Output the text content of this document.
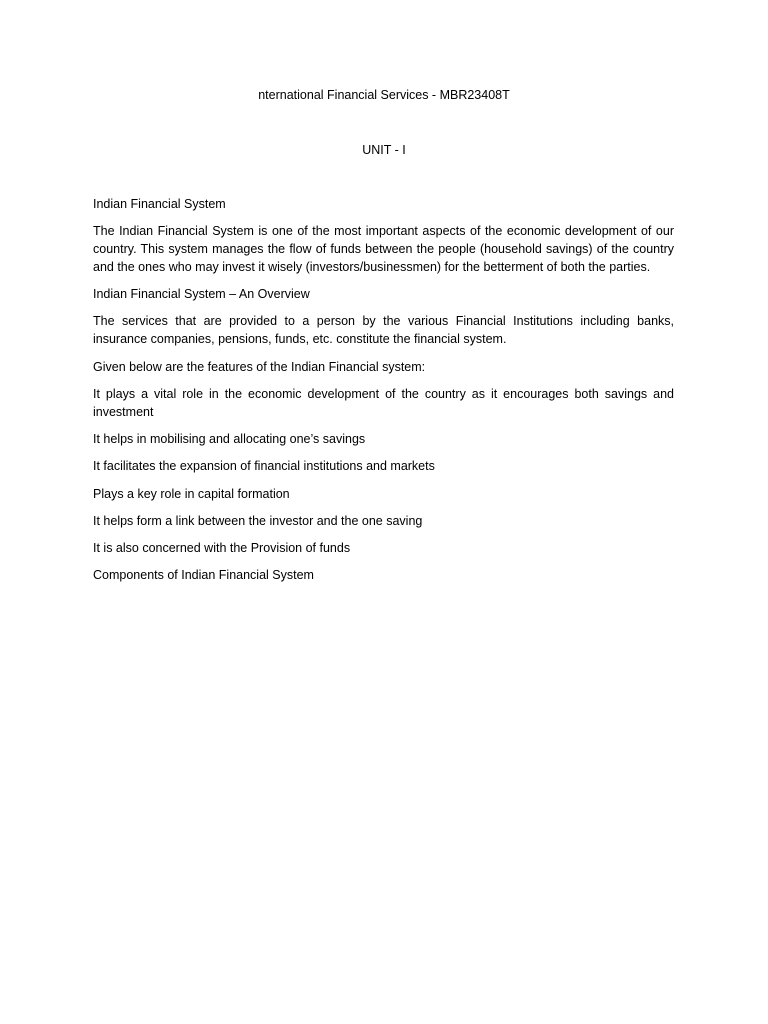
nternational Financial Services - MBR23408T
UNIT - I

Indian Financial System

The Indian Financial System is one of the most important aspects of the economic development of our country. This system manages the flow of funds between the people (household savings) of the country and the ones who may invest it wisely (investors/businessmen) for the betterment of both the parties.

Indian Financial System – An Overview

The services that are provided to a person by the various Financial Institutions including banks, insurance companies, pensions, funds, etc. constitute the financial system.

Given below are the features of the Indian Financial system:

It plays a vital role in the economic development of the country as it encourages both savings and investment

It helps in mobilising and allocating one’s savings

It facilitates the expansion of financial institutions and markets

Plays a key role in capital formation

It helps form a link between the investor and the one saving

It is also concerned with the Provision of funds

Components of Indian Financial System
